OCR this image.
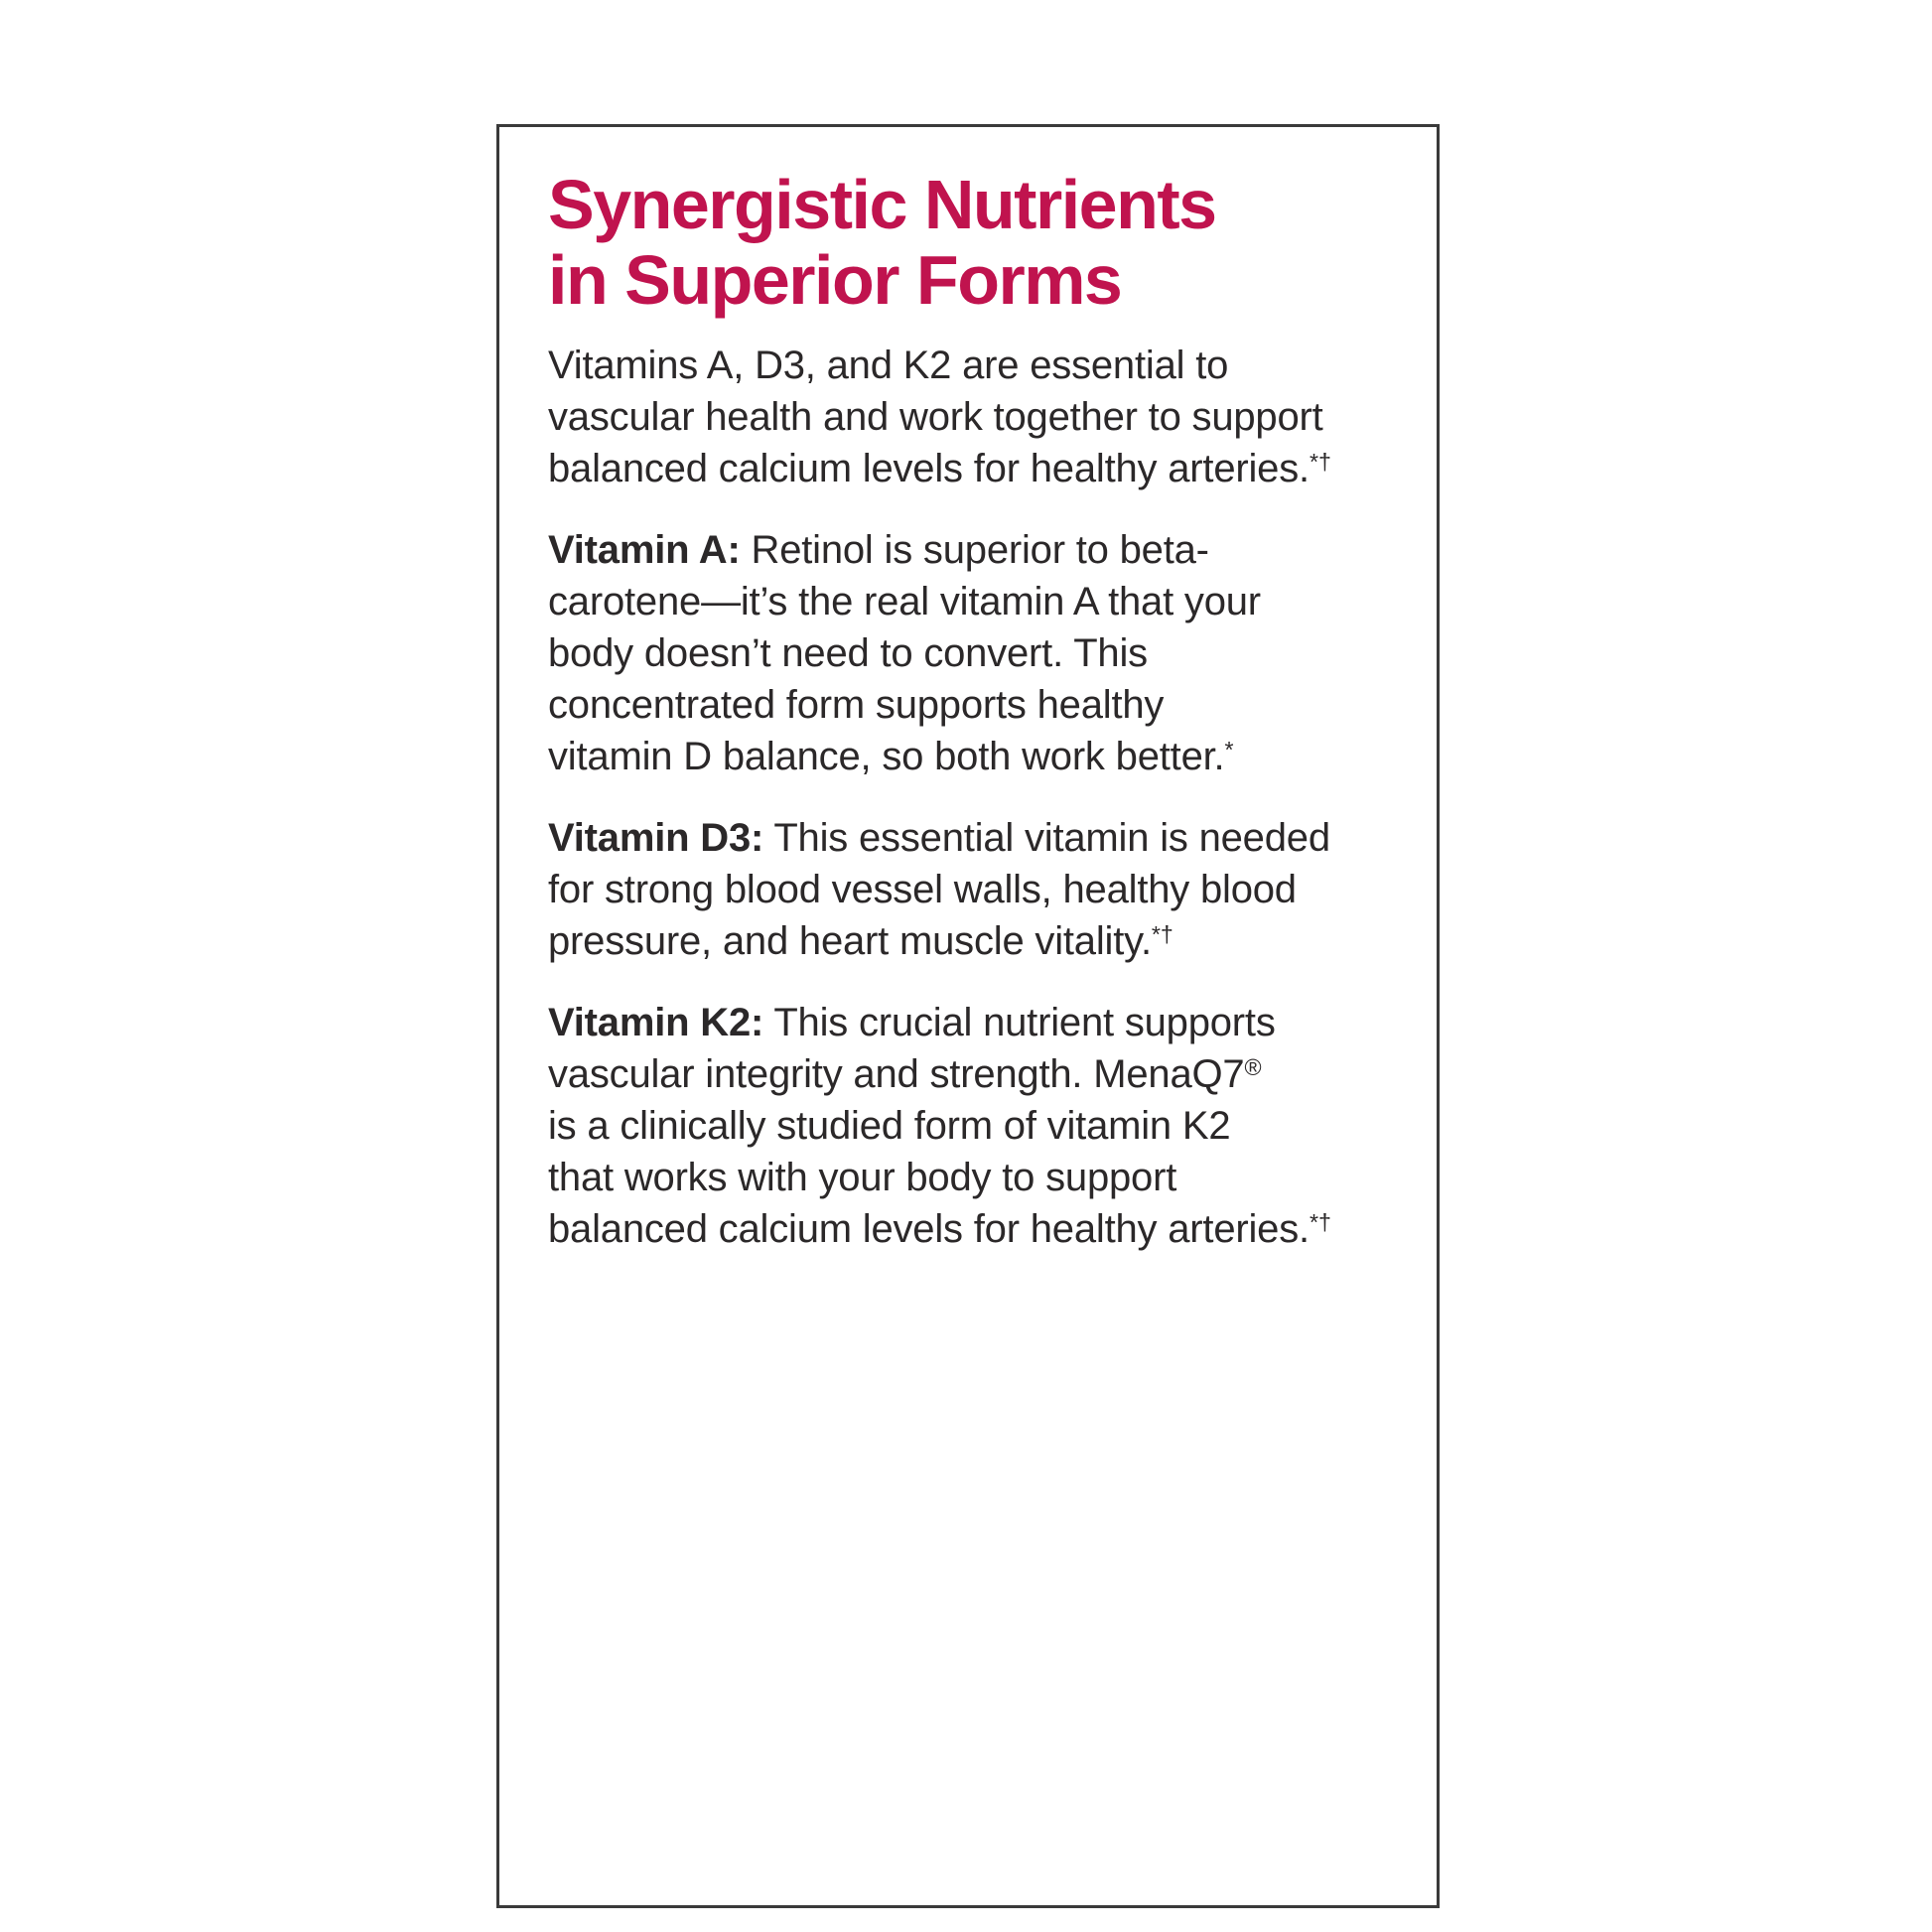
Synergistic Nutrients
in Superior Forms

Vitamins A, D3, and K2 are essential to
vascular health and work together to support
balanced calcium levels for healthy arteries.*†

Vitamin A: Retinol is superior to beta-
carotene—it’s the real vitamin A that your
body doesn’t need to convert. This
concentrated form supports healthy
vitamin D balance, so both work better.*

Vitamin D3: This essential vitamin is needed
for strong blood vessel walls, healthy blood
pressure, and heart muscle vitality.*†

Vitamin K2: This crucial nutrient supports
vascular integrity and strength. MenaQ7®
is a clinically studied form of vitamin K2
that works with your body to support
balanced calcium levels for healthy arteries.*†
